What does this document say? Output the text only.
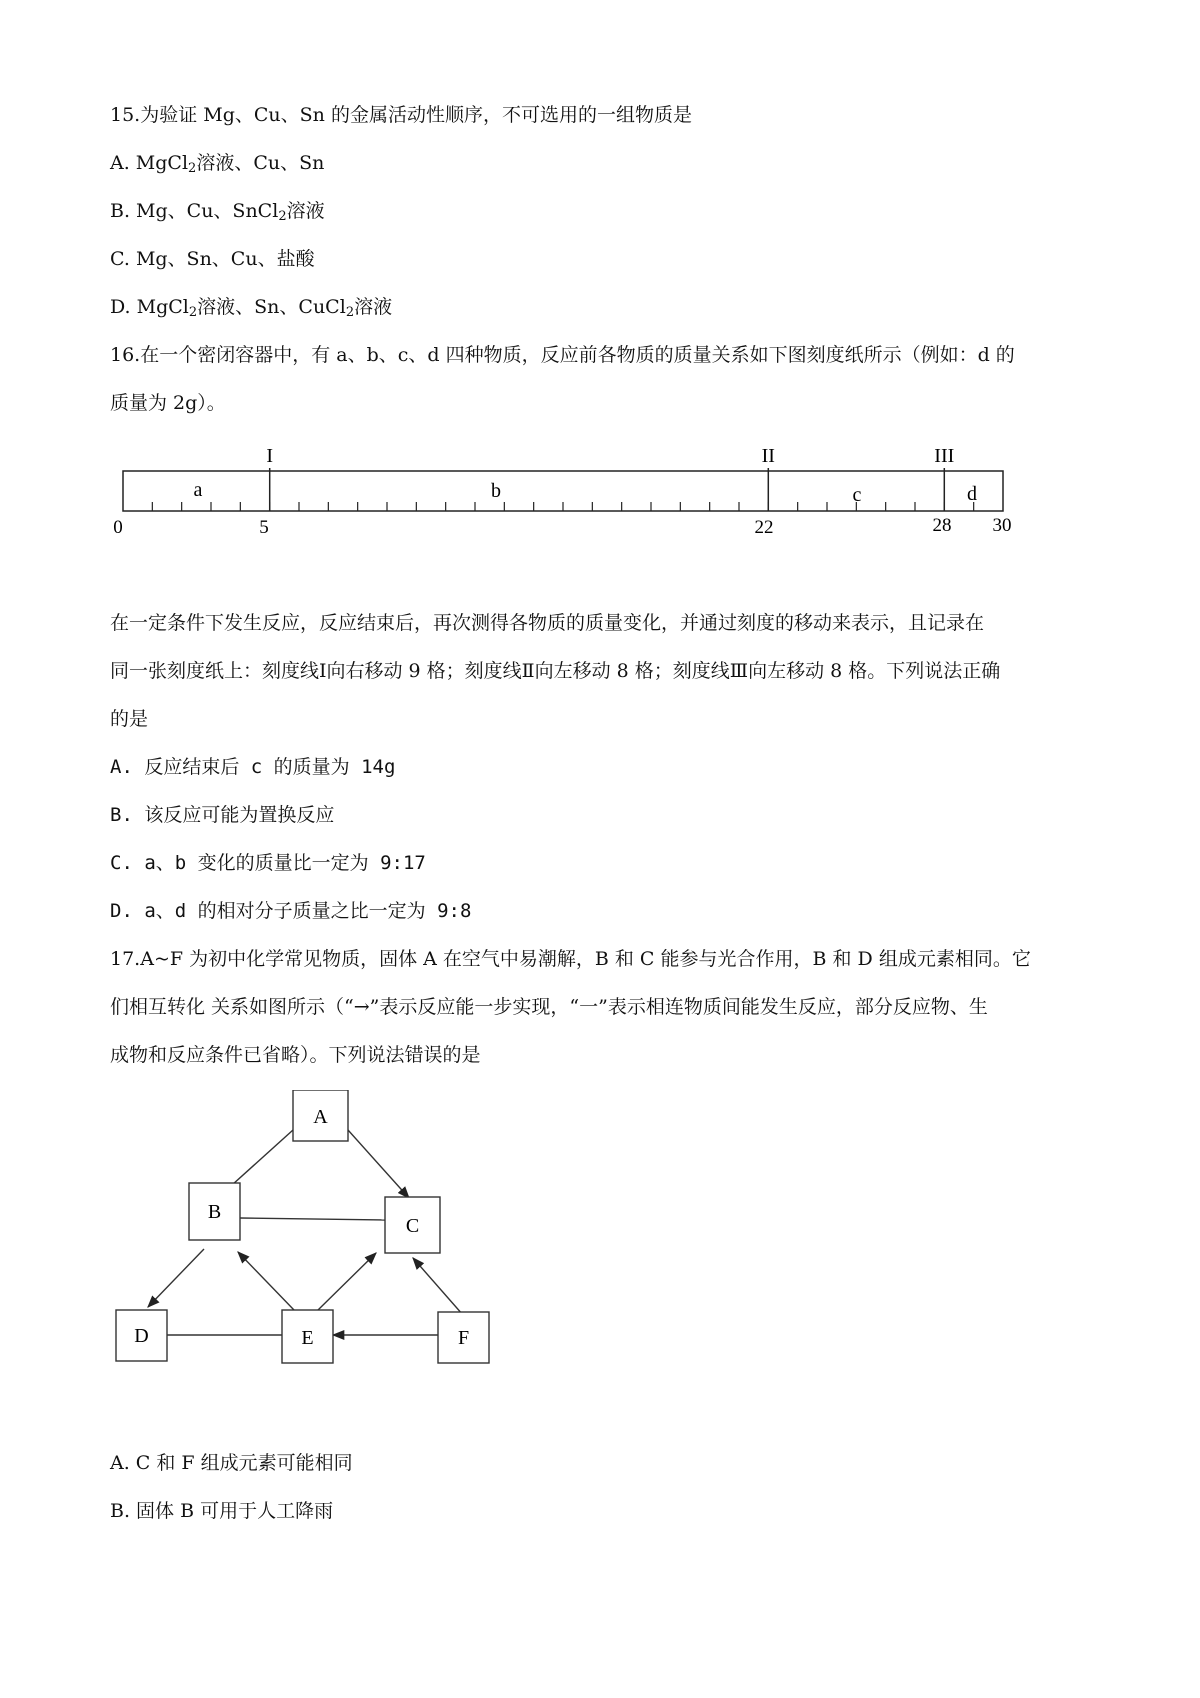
15.为验证 Mg、Cu、Sn 的金属活动性顺序，不可选用的一组物质是
A. MgCl$_2$溶液、Cu、Sn
B. Mg、Cu、SnCl$_2$溶液
C. Mg、Sn、Cu、盐酸
D. MgCl$_2$溶液、Sn、CuCl$_2$溶液
16.在一个密闭容器中，有 a、b、c、d 四种物质，反应前各物质的质量关系如下图刻度纸所示（例如：d 的
质量为 2g）。
I	II	III
a	b	c	d
0	5	22	28 30
在一定条件下发生反应，反应结束后，再次测得各物质的质量变化，并通过刻度的移动来表示，且记录在
同一张刻度纸上：刻度线Ⅰ向右移动 9 格；刻度线Ⅱ向左移动 8 格；刻度线Ⅲ向左移动 8 格。下列说法正确
的是
A. 反应结束后 c 的质量为 14g
B. 该反应可能为置换反应
C. a、b 变化的质量比一定为 9:17
D. a、d 的相对分子质量之比一定为 9:8
17.A~F 为初中化学常见物质，固体 A 在空气中易潮解，B 和 C 能参与光合作用，B 和 D 组成元素相同。它
们相互转化 关系如图所示（“→”表示反应能一步实现，“一”表示相连物质间能发生反应，部分反应物、生
成物和反应条件已省略）。下列说法错误的是
A
B
C
D	E	F
A. C 和 F 组成元素可能相同
B. 固体 B 可用于人工降雨
